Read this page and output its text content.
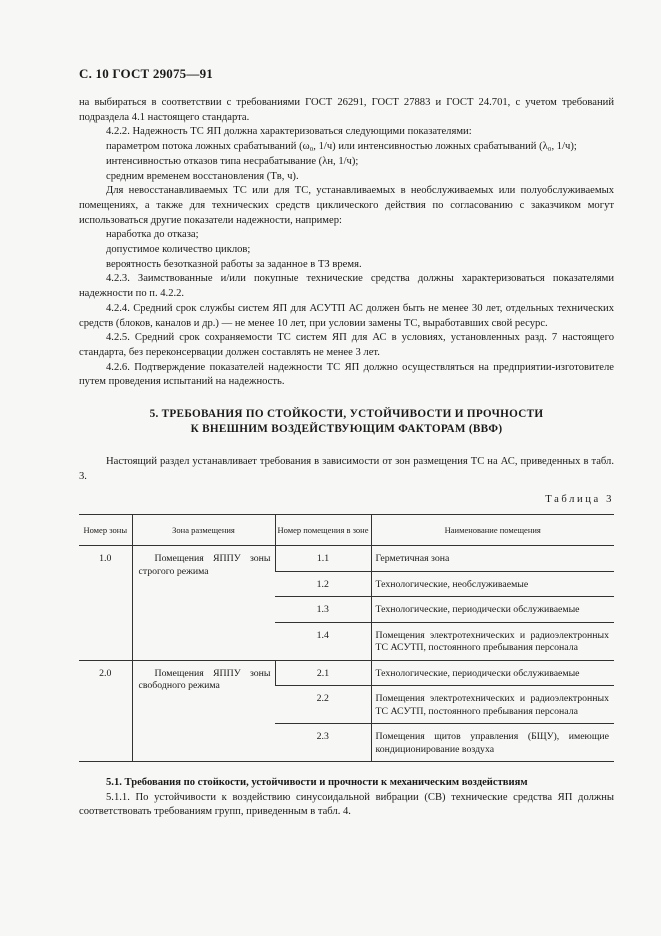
С. 10 ГОСТ 29075—91

на выбираться в соответствии с требованиями ГОСТ 26291, ГОСТ 27883 и ГОСТ 24.701, с учетом требований подраздела 4.1 настоящего стандарта.

4.2.2. Надежность ТС ЯП должна характеризоваться следующими показателями:

параметром потока ложных срабатываний (ω₀, 1/ч) или интенсивностью ложных срабатываний (λ₀, 1/ч);

интенсивностью отказов типа несрабатывание (λн, 1/ч);

средним временем восстановления (Tв, ч).

Для невосстанавливаемых ТС или для ТС, устанавливаемых в необслуживаемых или полуобслуживаемых помещениях, а также для технических средств циклического действия по согласованию с заказчиком могут использоваться другие показатели надежности, например:

наработка до отказа;

допустимое количество циклов;

вероятность безотказной работы за заданное в ТЗ время.

4.2.3. Заимствованные и/или покупные технические средства должны характеризоваться показателями надежности по п. 4.2.2.

4.2.4. Средний срок службы систем ЯП для АСУТП АС должен быть не менее 30 лет, отдельных технических средств (блоков, каналов и др.) — не менее 10 лет, при условии замены ТС, выработавших свой ресурс.

4.2.5. Средний срок сохраняемости ТС систем ЯП для АС в условиях, установленных разд. 7 настоящего стандарта, без переконсервации должен составлять не менее 3 лет.

4.2.6. Подтверждение показателей надежности ТС ЯП должно осуществляться на предприятии-изготовителе путем проведения испытаний на надежность.

5. ТРЕБОВАНИЯ ПО СТОЙКОСТИ, УСТОЙЧИВОСТИ И ПРОЧНОСТИ
К ВНЕШНИМ ВОЗДЕЙСТВУЮЩИМ ФАКТОРАМ (ВВФ)

Настоящий раздел устанавливает требования в зависимости от зон размещения ТС на АС, приведенных в табл. 3.

Таблица 3
Номер зоны	Зона размещения	Номер помещения в зоне	Наименование помещения
1.0	Помещения ЯППУ зоны строгого режима	1.1	Герметичная зона
		1.2	Технологические, необслуживаемые
		1.3	Технологические, периодически обслуживаемые
		1.4	Помещения электротехнических и радиоэлектронных ТС АСУТП, постоянного пребывания персонала
2.0	Помещения ЯППУ зоны свободного режима	2.1	Технологические, периодически обслуживаемые
		2.2	Помещения электротехнических и радиоэлектронных ТС АСУТП, постоянного пребывания персонала
		2.3	Помещения щитов управления (БЩУ), имеющие кондиционирование воздуха

5.1. Требования по стойкости, устойчивости и прочности к механическим воздействиям

5.1.1. По устойчивости к воздействию синусоидальной вибрации (СВ) технические средства ЯП должны соответствовать требованиям групп, приведенным в табл. 4.
